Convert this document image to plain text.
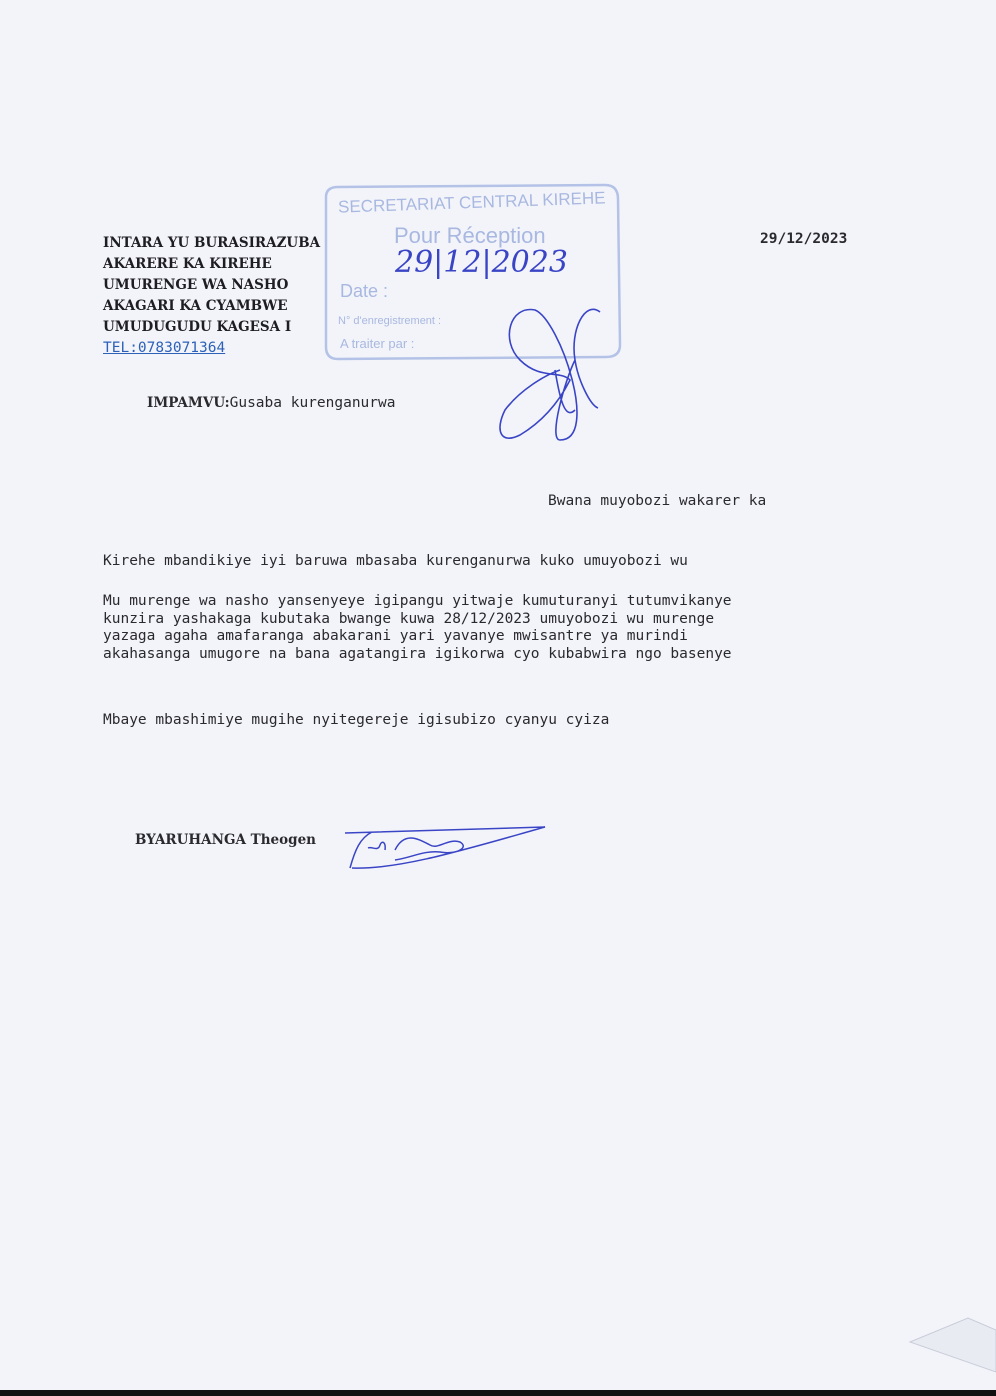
INTARA YU BURASIRAZUBA
AKARERE KA KIREHE
UMURENGE WA NASHO
AKAGARI KA CYAMBWE
UMUDUGUDU KAGESA I
TEL:0783071364
29/12/2023
SECRETARIAT CENTRAL KIREHE
Pour Réception
Date :
N° d'enregistrement :
A traiter par :
29|12|2023
IMPAMVU:Gusaba kurenganurwa
Bwana muyobozi wakarer ka
Kirehe mbandikiye iyi baruwa mbasaba kurenganurwa kuko umuyobozi wu
Mu murenge wa nasho yansenyeye igipangu yitwaje kumuturanyi tutumvikanye
kunzira yashakaga kubutaka bwange kuwa 28/12/2023 umuyobozi wu murenge
yazaga agaha amafaranga abakarani yari yavanye mwisantre ya murindi
akahasanga umugore na bana agatangira igikorwa cyo kubabwira ngo basenye
Mbaye mbashimiye mugihe nyitegereje igisubizo cyanyu cyiza
BYARUHANGA Theogen
